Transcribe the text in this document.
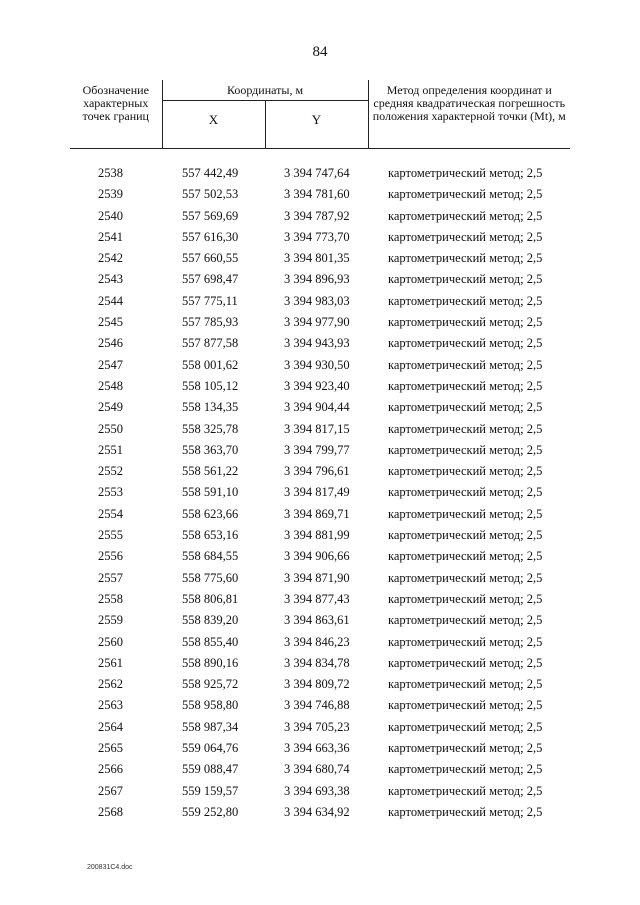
84
Обозначение характерных точек границ	Координаты, м		Метод определения координат и средняя квадратическая погрешность положения характерной точки (Mt), м
	X	Y	
2538	557 442,49	3 394 747,64	картометрический метод; 2,5
2539	557 502,53	3 394 781,60	картометрический метод; 2,5
2540	557 569,69	3 394 787,92	картометрический метод; 2,5
2541	557 616,30	3 394 773,70	картометрический метод; 2,5
2542	557 660,55	3 394 801,35	картометрический метод; 2,5
2543	557 698,47	3 394 896,93	картометрический метод; 2,5
2544	557 775,11	3 394 983,03	картометрический метод; 2,5
2545	557 785,93	3 394 977,90	картометрический метод; 2,5
2546	557 877,58	3 394 943,93	картометрический метод; 2,5
2547	558 001,62	3 394 930,50	картометрический метод; 2,5
2548	558 105,12	3 394 923,40	картометрический метод; 2,5
2549	558 134,35	3 394 904,44	картометрический метод; 2,5
2550	558 325,78	3 394 817,15	картометрический метод; 2,5
2551	558 363,70	3 394 799,77	картометрический метод; 2,5
2552	558 561,22	3 394 796,61	картометрический метод; 2,5
2553	558 591,10	3 394 817,49	картометрический метод; 2,5
2554	558 623,66	3 394 869,71	картометрический метод; 2,5
2555	558 653,16	3 394 881,99	картометрический метод; 2,5
2556	558 684,55	3 394 906,66	картометрический метод; 2,5
2557	558 775,60	3 394 871,90	картометрический метод; 2,5
2558	558 806,81	3 394 877,43	картометрический метод; 2,5
2559	558 839,20	3 394 863,61	картометрический метод; 2,5
2560	558 855,40	3 394 846,23	картометрический метод; 2,5
2561	558 890,16	3 394 834,78	картометрический метод; 2,5
2562	558 925,72	3 394 809,72	картометрический метод; 2,5
2563	558 958,80	3 394 746,88	картометрический метод; 2,5
2564	558 987,34	3 394 705,23	картометрический метод; 2,5
2565	559 064,76	3 394 663,36	картометрический метод; 2,5
2566	559 088,47	3 394 680,74	картометрический метод; 2,5
2567	559 159,57	3 394 693,38	картометрический метод; 2,5
2568	559 252,80	3 394 634,92	картометрический метод; 2,5
200831C4.doc
